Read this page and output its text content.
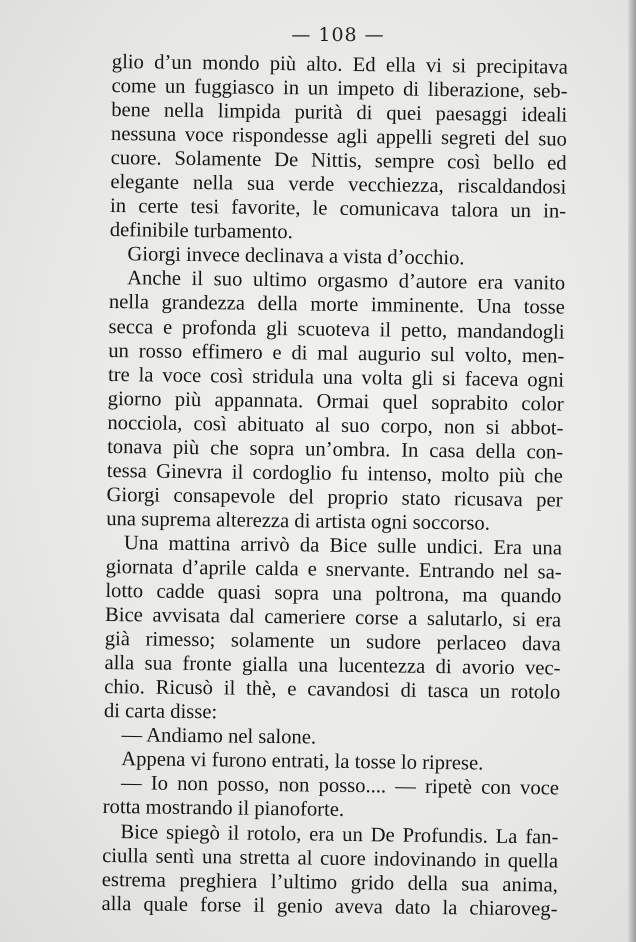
— 108 —

glio d’un mondo più alto. Ed ella vi si precipitava

come un fuggiasco in un impeto di liberazione, seb-

bene nella limpida purità di quei paesaggi ideali

nessuna voce rispondesse agli appelli segreti del suo

cuore. Solamente De Nittis, sempre così bello ed

elegante nella sua verde vecchiezza, riscaldandosi

in certe tesi favorite, le comunicava talora un in-

definibile turbamento.

Giorgi invece declinava a vista d’occhio.

Anche il suo ultimo orgasmo d’autore era vanito

nella grandezza della morte imminente. Una tosse

secca e profonda gli scuoteva il petto, mandandogli

un rosso effimero e di mal augurio sul volto, men-

tre la voce così stridula una volta gli si faceva ogni

giorno più appannata. Ormai quel soprabito color

nocciola, così abituato al suo corpo, non si abbot-

tonava più che sopra un’ombra. In casa della con-

tessa Ginevra il cordoglio fu intenso, molto più che

Giorgi consapevole del proprio stato ricusava per

una suprema alterezza di artista ogni soccorso.

Una mattina arrivò da Bice sulle undici. Era una

giornata d’aprile calda e snervante. Entrando nel sa-

lotto cadde quasi sopra una poltrona, ma quando

Bice avvisata dal cameriere corse a salutarlo, si era

già rimesso; solamente un sudore perlaceo dava

alla sua fronte gialla una lucentezza di avorio vec-

chio. Ricusò il thè, e cavandosi di tasca un rotolo

di carta disse:

— Andiamo nel salone.

Appena vi furono entrati, la tosse lo riprese.

— Io non posso, non posso.... — ripetè con voce

rotta mostrando il pianoforte.

Bice spiegò il rotolo, era un De Profundis. La fan-

ciulla sentì una stretta al cuore indovinando in quella

estrema preghiera l’ultimo grido della sua anima,

alla quale forse il genio aveva dato la chiaroveg-
